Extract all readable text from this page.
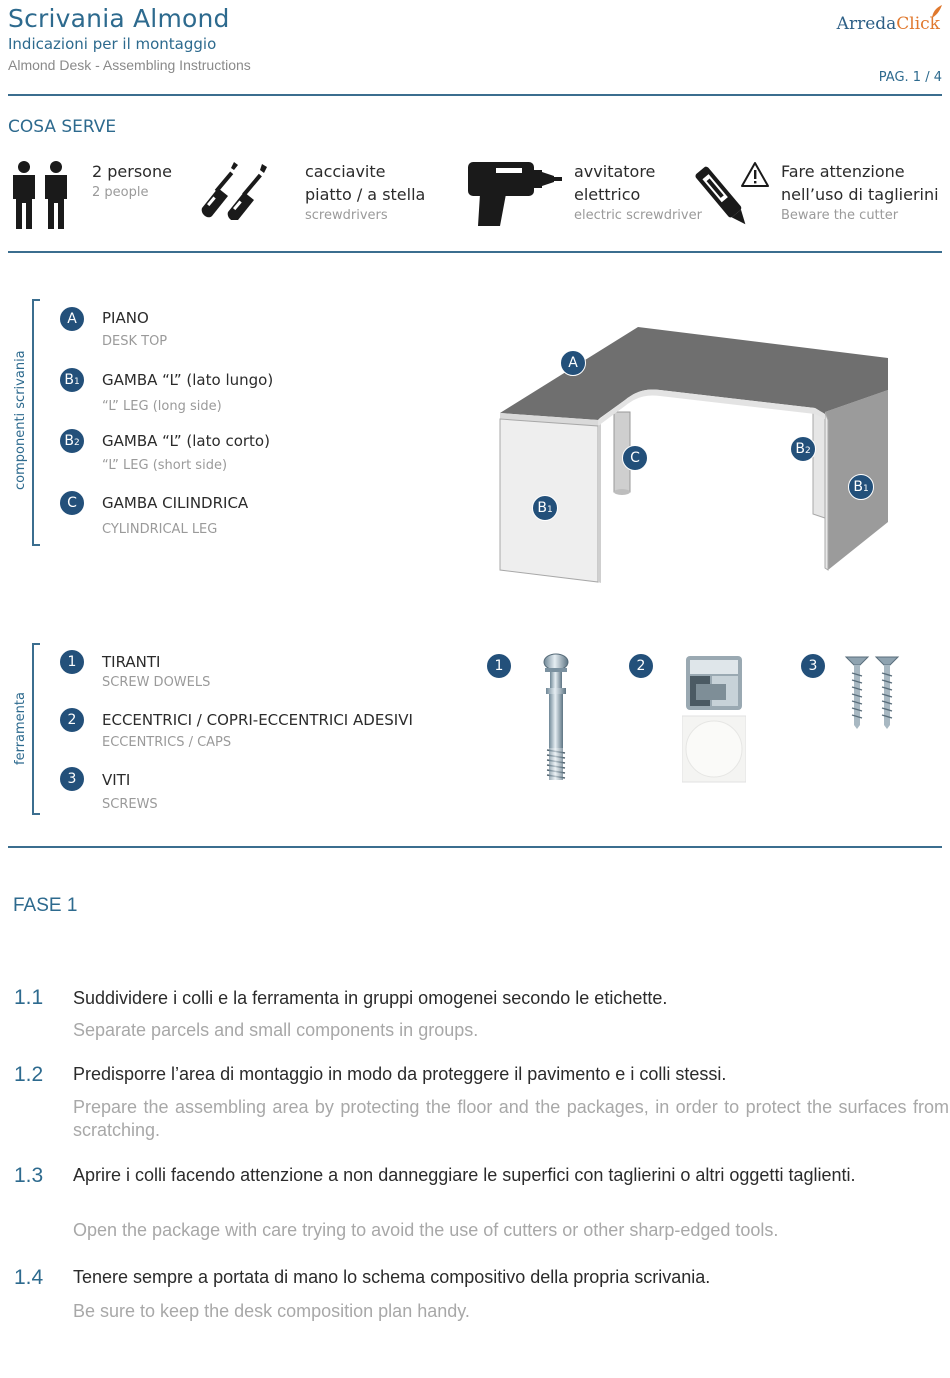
Scrivania Almond
Indicazioni per il montaggio
Almond Desk - Assembling Instructions
ArredaClick
PAG. 1 / 4
COSA SERVE
2 persone
2 people
cacciavite
piatto / a stella
screwdrivers
avvitatore
elettrico
electric screwdriver
Fare attenzione
nell’uso di taglierini
Beware the cutter
componenti scrivania
A PIANO
DESK TOP
B 1 GAMBA “L” (lato lungo)
“L” LEG (long side)
B 2 GAMBA “L” (lato corto)
“L” LEG (short side)
C GAMBA CILINDRICA
CYLINDRICAL LEG
A
C
B 2
B 1
B 1
ferramenta
1 TIRANTI
SCREW DOWELS
2 ECCENTRICI / COPRI-ECCENTRICI ADESIVI
ECCENTRICS / CAPS
3 VITI
SCREWS
1	2	3
FASE 1
1.1 Suddividere i colli e la ferramenta in gruppi omogenei secondo le etichette.
Separate parcels and small components in groups.
1.2 Predisporre l’area di montaggio in modo da proteggere il pavimento e i colli stessi.
Prepare the assembling area by protecting the floor and the packages, in order to protect the surfaces from scratching.
1.3 Aprire i colli facendo attenzione a non danneggiare le superfici con taglierini o altri oggetti taglienti.
Open the package with care trying to avoid the use of cutters or other sharp-edged tools.
1.4 Tenere sempre a portata di mano lo schema compositivo della propria scrivania.
Be sure to keep the desk composition plan handy.
